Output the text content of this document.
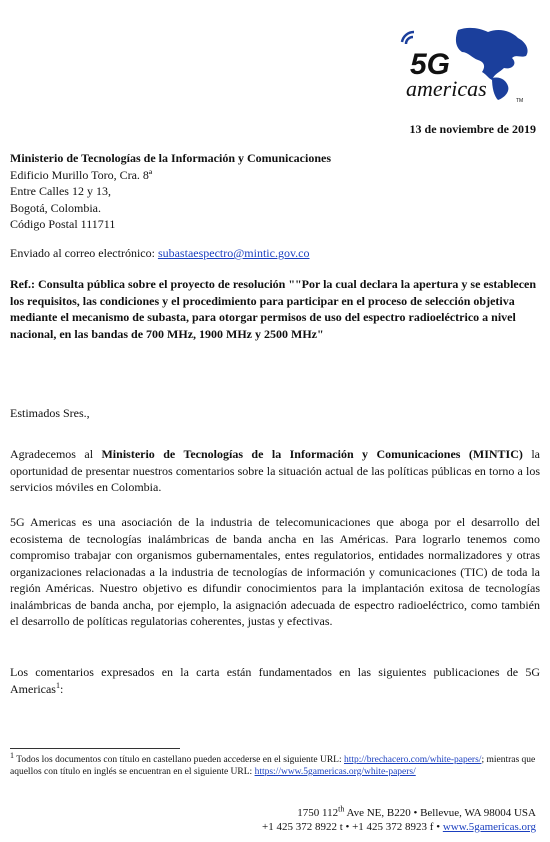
5G
americas	TM
13 de noviembre de 2019
Ministerio de Tecnologías de la Información y Comunicaciones
Edificio Murillo Toro, Cra. 8ª
Entre Calles 12 y 13,
Bogotá, Colombia.
Código Postal 111711
Enviado al correo electrónico: subastaespectro@mintic.gov.co
Ref.: Consulta pública sobre el proyecto de resolución ""Por la cual declara la apertura y se establecen los requisitos, las condiciones y el procedimiento para participar en el proceso de selección objetiva mediante el mecanismo de subasta, para otorgar permisos de uso del espectro radioeléctrico a nivel nacional, en las bandas de 700 MHz, 1900 MHz y 2500 MHz"
Estimados Sres.,
Agradecemos al Ministerio de Tecnologías de la Información y Comunicaciones (MINTIC) la oportunidad de presentar nuestros comentarios sobre la situación actual de las políticas públicas en torno a los servicios móviles en Colombia.
5G Americas es una asociación de la industria de telecomunicaciones que aboga por el desarrollo del ecosistema de tecnologías inalámbricas de banda ancha en las Américas. Para lograrlo tenemos como compromiso trabajar con organismos gubernamentales, entes regulatorios, entidades normalizadores y otras organizaciones relacionadas a la industria de tecnologías de información y comunicaciones (TIC) de toda la región Américas. Nuestro objetivo es difundir conocimientos para la implantación exitosa de tecnologías inalámbricas de banda ancha, por ejemplo, la asignación adecuada de espectro radioeléctrico, como también el desarrollo de políticas regulatorias coherentes, justas y efectivas.
Los comentarios expresados en la carta están fundamentados en las siguientes publicaciones de 5G Americas$^1$:
$^1$ Todos los documentos con título en castellano pueden accederse en el siguiente URL: http://brechacero.com/white-papers/; mientras que aquellos con título en inglés se encuentran en el siguiente URL: https://www.5gamericas.org/white-papers/
1750 112th Ave NE, B220 • Bellevue, WA 98004 USA
+1 425 372 8922 t • +1 425 372 8923 f • www.5gamericas.org
